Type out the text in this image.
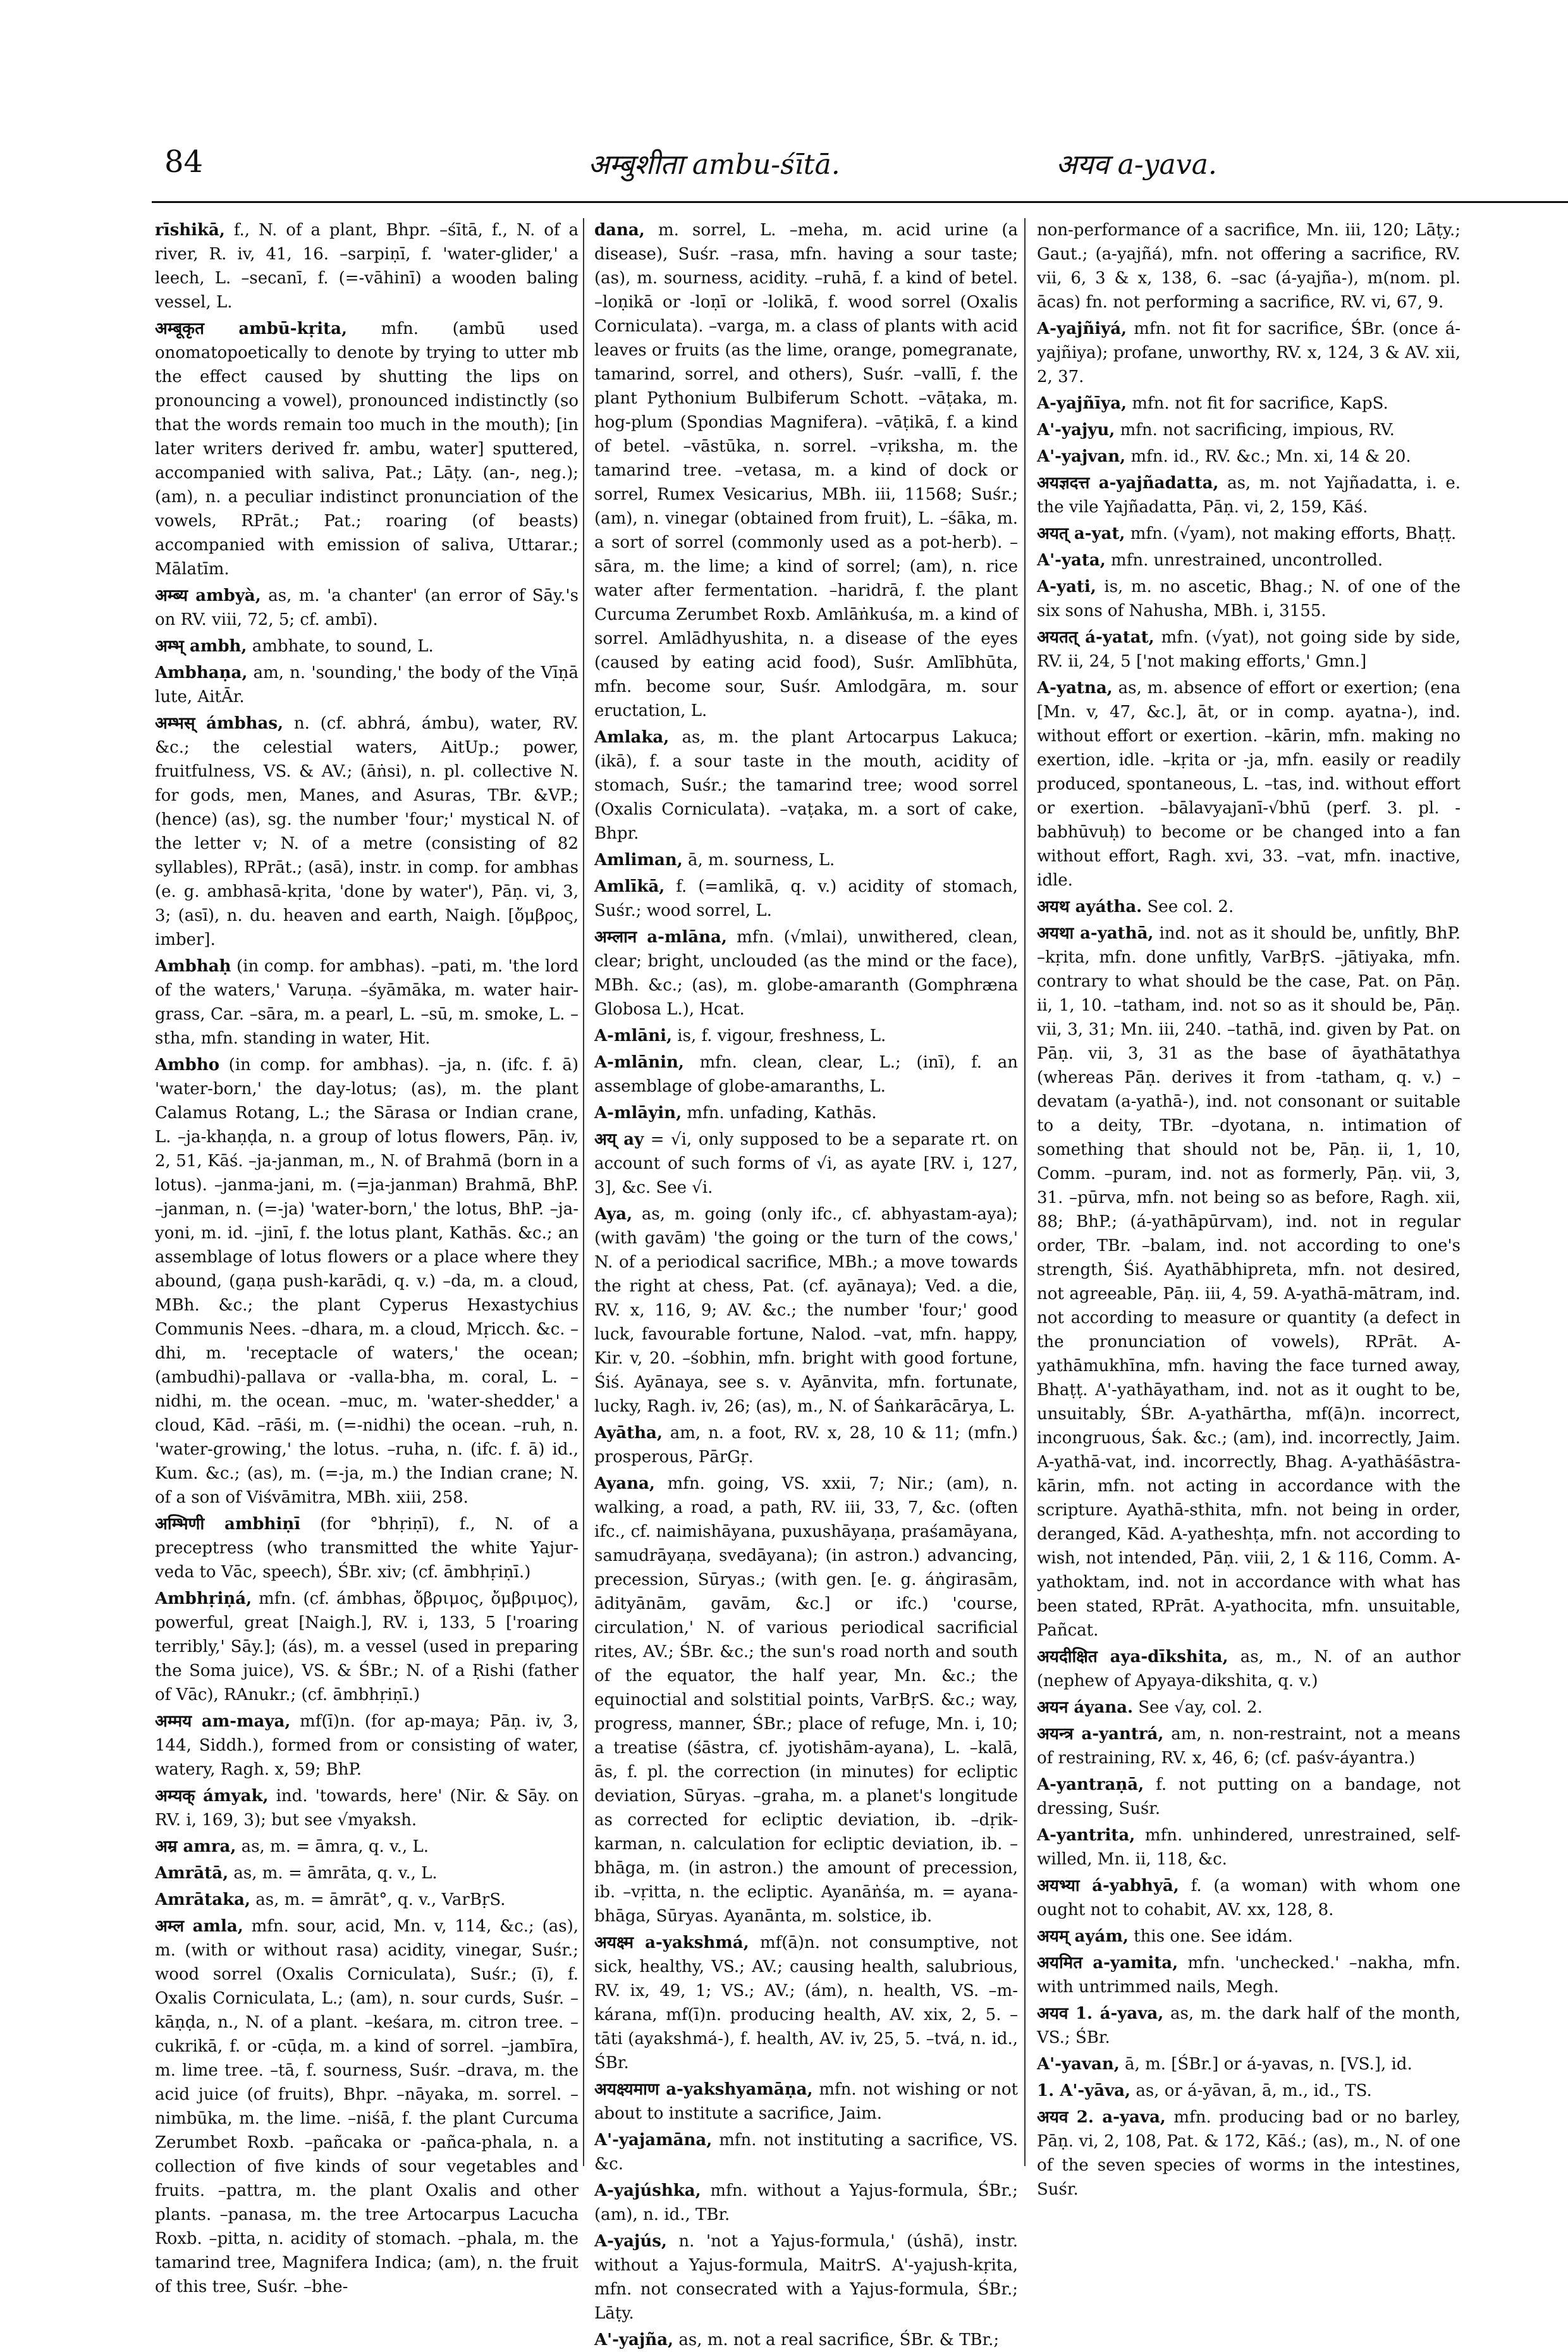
84	अम्बुशीता ambu-śītā.	अयव a-yava.
rīshikā, f., N. of a plant, Bhpr. –śītā, f., N. of a river, R. iv, 41, 16. –sarpiṇī, f. 'water-glider,' a leech, L. –secanī, f. (=-vāhinī) a wooden baling vessel, L.
अम्बूकृत ambū-kṛita, mfn. (ambū used onomatopoetically to denote by trying to utter mb the effect caused by shutting the lips on pronouncing a vowel), pronounced indistinctly (so that the words remain too much in the mouth); [in later writers derived fr. ambu, water] sputtered, accompanied with saliva, Pat.; Lāṭy. (an-, neg.); (am), n. a peculiar indistinct pronunciation of the vowels, RPrāt.; Pat.; roaring (of beasts) accompanied with emission of saliva, Uttarar.; Mālatīm.
अम्ब्य ambyà, as, m. 'a chanter' (an error of Sāy.'s on RV. viii, 72, 5; cf. ambī).
अम्भ् ambh, ambhate, to sound, L.
Ambhaṇa, am, n. 'sounding,' the body of the Vīṇā lute, AitĀr.
अम्भस् ámbhas, n. (cf. abhrá, ámbu), water, RV. &c.; the celestial waters, AitUp.; power, fruitfulness, VS. & AV.; (āṅsi), n. pl. collective N. for gods, men, Manes, and Asuras, TBr. &VP.; (hence) (as), sg. the number 'four;' mystical N. of the letter v; N. of a metre (consisting of 82 syllables), RPrāt.; (asā), instr. in comp. for ambhas (e. g. ambhasā-kṛita, 'done by water'), Pāṇ. vi, 3, 3; (asī), n. du. heaven and earth, Naigh. [ὄμβρος, imber].
Ambhaḥ (in comp. for ambhas). –pati, m. 'the lord of the waters,' Varuṇa. –śyāmāka, m. water hair-grass, Car. –sāra, m. a pearl, L. –sū, m. smoke, L. –stha, mfn. standing in water, Hit.
Ambho (in comp. for ambhas). –ja, n. (ifc. f. ā) 'water-born,' the day-lotus; (as), m. the plant Calamus Rotang, L.; the Sārasa or Indian crane, L. –ja-khaṇḍa, n. a group of lotus flowers, Pāṇ. iv, 2, 51, Kāś. –ja-janman, m., N. of Brahmā (born in a lotus). –janma-jani, m. (=ja-janman) Brahmā, BhP. –janman, n. (=-ja) 'water-born,' the lotus, BhP. –ja-yoni, m. id. –jinī, f. the lotus plant, Kathās. &c.; an assemblage of lotus flowers or a place where they abound, (gaṇa push-karādi, q. v.) –da, m. a cloud, MBh. &c.; the plant Cyperus Hexastychius Communis Nees. –dhara, m. a cloud, Mṛicch. &c. –dhi, m. 'receptacle of waters,' the ocean; (ambudhi)-pallava or -valla-bha, m. coral, L. –nidhi, m. the ocean. –muc, m. 'water-shedder,' a cloud, Kād. –rāśi, m. (=-nidhi) the ocean. –ruh, n. 'water-growing,' the lotus. –ruha, n. (ifc. f. ā) id., Kum. &c.; (as), m. (=-ja, m.) the Indian crane; N. of a son of Viśvāmitra, MBh. xiii, 258.
अम्भिणी ambhiṇī (for °bhṛiṇī), f., N. of a preceptress (who transmitted the white Yajur-veda to Vāc, speech), ŚBr. xiv; (cf. āmbhṛiṇī.)
Ambhṛiṇá, mfn. (cf. ámbhas, ὄβριμος, ὄμβριμος), powerful, great [Naigh.], RV. i, 133, 5 ['roaring terribly,' Sāy.]; (ás), m. a vessel (used in preparing the Soma juice), VS. & ŚBr.; N. of a Ṛishi (father of Vāc), RAnukr.; (cf. āmbhṛiṇī.)
अम्मय am-maya, mf(ī)n. (for ap-maya; Pāṇ. iv, 3, 144, Siddh.), formed from or consisting of water, watery, Ragh. x, 59; BhP.
अम्यक् ámyak, ind. 'towards, here' (Nir. & Sāy. on RV. i, 169, 3); but see √myaksh.
अम्र amra, as, m. = āmra, q. v., L.
Amrātā, as, m. = āmrāta, q. v., L.
Amrātaka, as, m. = āmrāt°, q. v., VarBṛS.
अम्ल amla, mfn. sour, acid, Mn. v, 114, &c.; (as), m. (with or without rasa) acidity, vinegar, Suśr.; wood sorrel (Oxalis Corniculata), Suśr.; (ī), f. Oxalis Corniculata, L.; (am), n. sour curds, Suśr. –kāṇḍa, n., N. of a plant. –keśara, m. citron tree. –cukrikā, f. or -cūḍa, m. a kind of sorrel. –jambīra, m. lime tree. –tā, f. sourness, Suśr. –drava, m. the acid juice (of fruits), Bhpr. –nāyaka, m. sorrel. –nimbūka, m. the lime. –niśā, f. the plant Curcuma Zerumbet Roxb. –pañcaka or -pañca-phala, n. a collection of five kinds of sour vegetables and fruits. –pattra, m. the plant Oxalis and other plants. –panasa, m. the tree Artocarpus Lacucha Roxb. –pitta, n. acidity of stomach. –phala, m. the tamarind tree, Magnifera Indica; (am), n. the fruit of this tree, Suśr. –bhe-
dana, m. sorrel, L. –meha, m. acid urine (a disease), Suśr. –rasa, mfn. having a sour taste; (as), m. sourness, acidity. –ruhā, f. a kind of betel. –loṇikā or -loṇī or -lolikā, f. wood sorrel (Oxalis Corniculata). –varga, m. a class of plants with acid leaves or fruits (as the lime, orange, pomegranate, tamarind, sorrel, and others), Suśr. –vallī, f. the plant Pythonium Bulbiferum Schott. –vāṭaka, m. hog-plum (Spondias Magnifera). –vāṭikā, f. a kind of betel. –vāstūka, n. sorrel. –vṛiksha, m. the tamarind tree. –vetasa, m. a kind of dock or sorrel, Rumex Vesicarius, MBh. iii, 11568; Suśr.; (am), n. vinegar (obtained from fruit), L. –śāka, m. a sort of sorrel (commonly used as a pot-herb). –sāra, m. the lime; a kind of sorrel; (am), n. rice water after fermentation. –haridrā, f. the plant Curcuma Zerumbet Roxb. Amlāṅkuśa, m. a kind of sorrel. Amlādhyushita, n. a disease of the eyes (caused by eating acid food), Suśr. Amlībhūta, mfn. become sour, Suśr. Amlodgāra, m. sour eructation, L.
Amlaka, as, m. the plant Artocarpus Lakuca; (ikā), f. a sour taste in the mouth, acidity of stomach, Suśr.; the tamarind tree; wood sorrel (Oxalis Corniculata). –vaṭaka, m. a sort of cake, Bhpr.
Amliman, ā, m. sourness, L.
Amlīkā, f. (=amlikā, q. v.) acidity of stomach, Suśr.; wood sorrel, L.
अम्लान a-mlāna, mfn. (√mlai), unwithered, clean, clear; bright, unclouded (as the mind or the face), MBh. &c.; (as), m. globe-amaranth (Gomphræna Globosa L.), Hcat.
A-mlāni, is, f. vigour, freshness, L.
A-mlānin, mfn. clean, clear, L.; (inī), f. an assemblage of globe-amaranths, L.
A-mlāyin, mfn. unfading, Kathās.
अय् ay = √i, only supposed to be a separate rt. on account of such forms of √i, as ayate [RV. i, 127, 3], &c. See √i.
Aya, as, m. going (only ifc., cf. abhyastam-aya); (with gavām) 'the going or the turn of the cows,' N. of a periodical sacrifice, MBh.; a move towards the right at chess, Pat. (cf. ayānaya); Ved. a die, RV. x, 116, 9; AV. &c.; the number 'four;' good luck, favourable fortune, Nalod. –vat, mfn. happy, Kir. v, 20. –śobhin, mfn. bright with good fortune, Śiś. Ayānaya, see s. v. Ayānvita, mfn. fortunate, lucky, Ragh. iv, 26; (as), m., N. of Śaṅkarācārya, L.
Ayātha, am, n. a foot, RV. x, 28, 10 & 11; (mfn.) prosperous, PārGṛ.
Ayana, mfn. going, VS. xxii, 7; Nir.; (am), n. walking, a road, a path, RV. iii, 33, 7, &c. (often ifc., cf. naimishāyana, puxushāyaṇa, praśamāyana, samudrāyaṇa, svedāyana); (in astron.) advancing, precession, Sūryas.; (with gen. [e. g. áṅgirasām, ādityānām, gavām, &c.] or ifc.) 'course, circulation,' N. of various periodical sacrificial rites, AV.; ŚBr. &c.; the sun's road north and south of the equator, the half year, Mn. &c.; the equinoctial and solstitial points, VarBṛS. &c.; way, progress, manner, ŚBr.; place of refuge, Mn. i, 10; a treatise (śāstra, cf. jyotishām-ayana), L. –kalā, ās, f. pl. the correction (in minutes) for ecliptic deviation, Sūryas. –graha, m. a planet's longitude as corrected for ecliptic deviation, ib. –dṛik-karman, n. calculation for ecliptic deviation, ib. –bhāga, m. (in astron.) the amount of precession, ib. –vṛitta, n. the ecliptic. Ayanāṅśa, m. = ayana-bhāga, Sūryas. Ayanānta, m. solstice, ib.
अयक्ष्म a-yakshmá, mf(ā)n. not consumptive, not sick, healthy, VS.; AV.; causing health, salubrious, RV. ix, 49, 1; VS.; AV.; (ám), n. health, VS. –m-kárana, mf(ī)n. producing health, AV. xix, 2, 5. –tāti (ayakshmá-), f. health, AV. iv, 25, 5. –tvá, n. id., ŚBr.
अयक्ष्यमाण a-yakshyamāṇa, mfn. not wishing or not about to institute a sacrifice, Jaim.
A'-yajamāna, mfn. not instituting a sacrifice, VS. &c.
A-yajúshka, mfn. without a Yajus-formula, ŚBr.; (am), n. id., TBr.
A-yajús, n. 'not a Yajus-formula,' (úshā), instr. without a Yajus-formula, MaitrS. A'-yajush-kṛita, mfn. not consecrated with a Yajus-formula, ŚBr.; Lāṭy.
A'-yajña, as, m. not a real sacrifice, ŚBr. & TBr.;
non-performance of a sacrifice, Mn. iii, 120; Lāṭy.; Gaut.; (a-yajñá), mfn. not offering a sacrifice, RV. vii, 6, 3 & x, 138, 6. –sac (á-yajña-), m(nom. pl. ācas) fn. not performing a sacrifice, RV. vi, 67, 9.
A-yajñiyá, mfn. not fit for sacrifice, ŚBr. (once á-yajñiya); profane, unworthy, RV. x, 124, 3 & AV. xii, 2, 37.
A-yajñīya, mfn. not fit for sacrifice, KapS.
A'-yajyu, mfn. not sacrificing, impious, RV.
A'-yajvan, mfn. id., RV. &c.; Mn. xi, 14 & 20.
अयज्ञदत्त a-yajñadatta, as, m. not Yajñadatta, i. e. the vile Yajñadatta, Pāṇ. vi, 2, 159, Kāś.
अयत् a-yat, mfn. (√yam), not making efforts, Bhaṭṭ.
A'-yata, mfn. unrestrained, uncontrolled.
A-yati, is, m. no ascetic, Bhag.; N. of one of the six sons of Nahusha, MBh. i, 3155.
अयतत् á-yatat, mfn. (√yat), not going side by side, RV. ii, 24, 5 ['not making efforts,' Gmn.]
A-yatna, as, m. absence of effort or exertion; (ena [Mn. v, 47, &c.], āt, or in comp. ayatna-), ind. without effort or exertion. –kārin, mfn. making no exertion, idle. –kṛita or -ja, mfn. easily or readily produced, spontaneous, L. –tas, ind. without effort or exertion. –bālavyajanī-√bhū (perf. 3. pl. -babhūvuḥ) to become or be changed into a fan without effort, Ragh. xvi, 33. –vat, mfn. inactive, idle.
अयथ ayátha. See col. 2.
अयथा a-yathā, ind. not as it should be, unfitly, BhP. –kṛita, mfn. done unfitly, VarBṛS. –jātiyaka, mfn. contrary to what should be the case, Pat. on Pāṇ. ii, 1, 10. –tatham, ind. not so as it should be, Pāṇ. vii, 3, 31; Mn. iii, 240. –tathā, ind. given by Pat. on Pāṇ. vii, 3, 31 as the base of āyathātathya (whereas Pāṇ. derives it from -tatham, q. v.) –devatam (a-yathā-), ind. not consonant or suitable to a deity, TBr. –dyotana, n. intimation of something that should not be, Pāṇ. ii, 1, 10, Comm. –puram, ind. not as formerly, Pāṇ. vii, 3, 31. –pūrva, mfn. not being so as before, Ragh. xii, 88; BhP.; (á-yathāpūrvam), ind. not in regular order, TBr. –balam, ind. not according to one's strength, Śiś. Ayathābhipreta, mfn. not desired, not agreeable, Pāṇ. iii, 4, 59. A-yathā-mātram, ind. not according to measure or quantity (a defect in the pronunciation of vowels), RPrāt. A-yathāmukhīna, mfn. having the face turned away, Bhaṭṭ. A'-yathāyatham, ind. not as it ought to be, unsuitably, ŚBr. A-yathārtha, mf(ā)n. incorrect, incongruous, Śak. &c.; (am), ind. incorrectly, Jaim. A-yathā-vat, ind. incorrectly, Bhag. A-yathāśāstra-kārin, mfn. not acting in accordance with the scripture. Ayathā-sthita, mfn. not being in order, deranged, Kād. A-yatheshṭa, mfn. not according to wish, not intended, Pāṇ. viii, 2, 1 & 116, Comm. A-yathoktam, ind. not in accordance with what has been stated, RPrāt. A-yathocita, mfn. unsuitable, Pañcat.
अयदीक्षित aya-dīkshita, as, m., N. of an author (nephew of Apyaya-dikshita, q. v.)
अयन áyana. See √ay, col. 2.
अयन्त्र a-yantrá, am, n. non-restraint, not a means of restraining, RV. x, 46, 6; (cf. paśv-áyantra.)
A-yantraṇā, f. not putting on a bandage, not dressing, Suśr.
A-yantrita, mfn. unhindered, unrestrained, self-willed, Mn. ii, 118, &c.
अयभ्या á-yabhyā, f. (a woman) with whom one ought not to cohabit, AV. xx, 128, 8.
अयम् ayám, this one. See idám.
अयमित a-yamita, mfn. 'unchecked.' –nakha, mfn. with untrimmed nails, Megh.
अयव 1. á-yava, as, m. the dark half of the month, VS.; ŚBr.
A'-yavan, ā, m. [ŚBr.] or á-yavas, n. [VS.], id.
1. A'-yāva, as, or á-yāvan, ā, m., id., TS.
अयव 2. a-yava, mfn. producing bad or no barley, Pāṇ. vi, 2, 108, Pat. & 172, Kāś.; (as), m., N. of one of the seven species of worms in the intestines, Suśr.
